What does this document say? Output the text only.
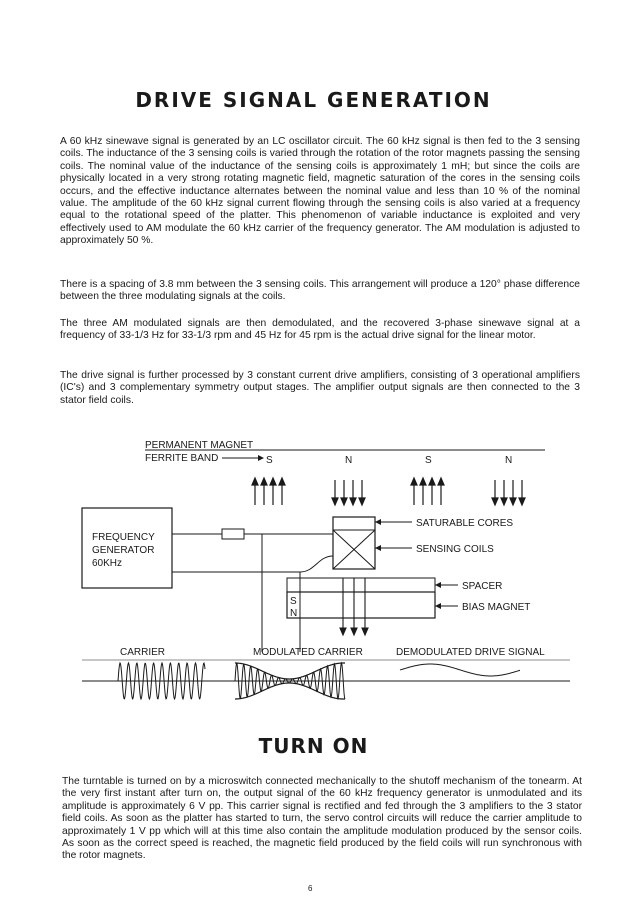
DRIVE SIGNAL GENERATION

A 60 kHz sinewave signal is generated by an LC oscillator circuit. The 60 kHz signal is then fed to the 3 sensing coils. The inductance of the 3 sensing coils is varied through the rotation of the rotor magnets passing the sensing coils. The nominal value of the inductance of the sensing coils is approximately 1 mH; but since the coils are physically located in a very strong rotating magnetic field, magnetic saturation of the cores in the sensing coils occurs, and the effective inductance alternates between the nominal value and less than 10 % of the nominal value. The amplitude of the 60 kHz signal current flowing through the sensing coils is also varied at a frequency equal to the rotational speed of the platter. This phenomenon of variable inductance is exploited and very effectively used to AM modulate the 60 kHz carrier of the frequency generator. The AM modulation is adjusted to approximately 50 %.

There is a spacing of 3.8 mm between the 3 sensing coils. This arrangement will produce a 120° phase difference between the three modulating signals at the coils.

The three AM modulated signals are then demodulated, and the recovered 3-phase sinewave signal at a frequency of 33-1/3 Hz for 33-1/3 rpm and 45 Hz for 45 rpm is the actual drive signal for the linear motor.

The drive signal is further processed by 3 constant current drive amplifiers, consisting of 3 operational amplifiers (IC's) and 3 complementary symmetry output stages. The amplifier output signals are then connected to the 3 stator field coils.

PERMANENT MAGNET
FERRITE BAND	S	N	S	N
FREQUENCY
GENERATOR
60KHz
SATURABLE CORES
SENSING COILS
S
N
SPACER
BIAS MAGNET
CARRIER	MODULATED CARRIER	DEMODULATED DRIVE SIGNAL
TURN ON

The turntable is turned on by a microswitch connected mechanically to the shutoff mechanism of the tonearm. At the very first instant after turn on, the output signal of the 60 kHz frequency generator is unmodulated and its amplitude is approximately 6 V pp. This carrier signal is rectified and fed through the 3 amplifiers to the 3 stator field coils. As soon as the platter has started to turn, the servo control circuits will reduce the carrier amplitude to approximately 1 V pp which will at this time also contain the amplitude modulation produced by the sensor coils. As soon as the correct speed is reached, the magnetic field produced by the field coils will run synchronous with the rotor magnets.

6
